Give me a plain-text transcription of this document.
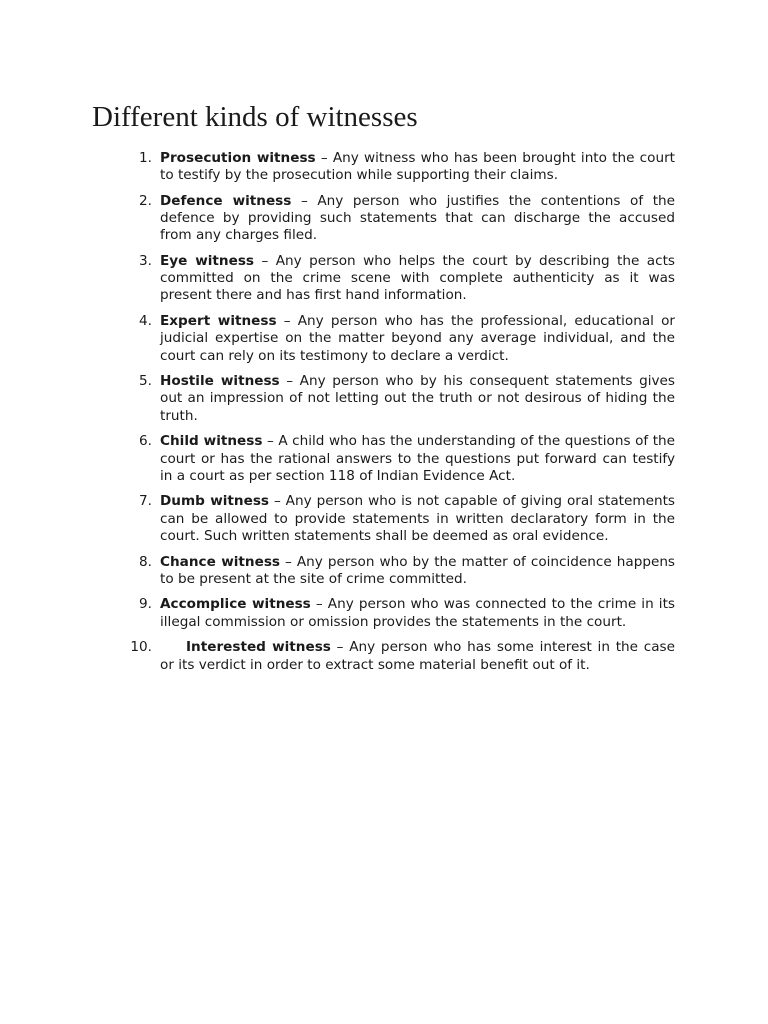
Different kinds of witnesses
1. Prosecution witness – Any witness who has been brought into the court to testify by the prosecution while supporting their claims.
2. Defence witness – Any person who justifies the contentions of the defence by providing such statements that can discharge the accused from any charges filed.
3. Eye witness – Any person who helps the court by describing the acts committed on the crime scene with complete authenticity as it was present there and has first hand information.
4. Expert witness – Any person who has the professional, educational or judicial expertise on the matter beyond any average individual, and the court can rely on its testimony to declare a verdict.
5. Hostile witness – Any person who by his consequent statements gives out an impression of not letting out the truth or not desirous of hiding the truth.
6. Child witness – A child who has the understanding of the questions of the court or has the rational answers to the questions put forward can testify in a court as per section 118 of Indian Evidence Act.
7. Dumb witness – Any person who is not capable of giving oral statements can be allowed to provide statements in written declaratory form in the court. Such written statements shall be deemed as oral evidence.
8. Chance witness – Any person who by the matter of coincidence happens to be present at the site of crime committed.
9. Accomplice witness – Any person who was connected to the crime in its illegal commission or omission provides the statements in the court.
10.	Interested witness – Any person who has some interest in the case or its verdict in order to extract some material benefit out of it.
